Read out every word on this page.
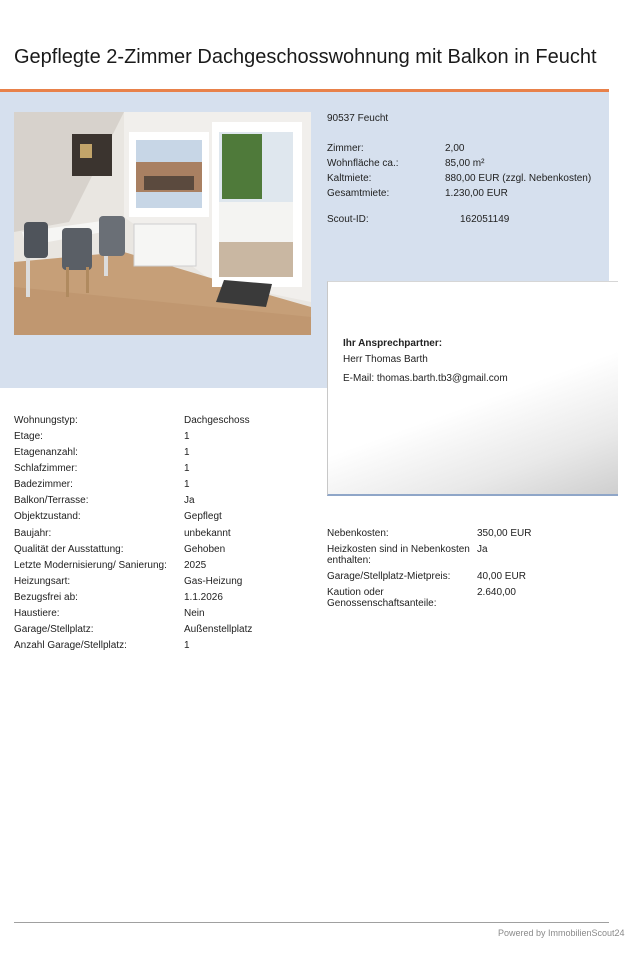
Gepflegte 2-Zimmer Dachgeschosswohnung mit Balkon in Feucht
90537 Feucht
Zimmer:	2,00
Wohnfläche ca.:	85,00 m²
Kaltmiete:	880,00 EUR (zzgl. Nebenkosten)
Gesamtmiete:	1.230,00 EUR
Scout-ID:	162051149
Ihr Ansprechpartner:
Herr Thomas Barth
E-Mail: thomas.barth.tb3@gmail.com
Wohnungstyp:	Dachgeschoss
Etage:	1
Etagenanzahl:	1
Schlafzimmer:	1
Badezimmer:	1
Balkon/Terrasse:	Ja
Objektzustand:	Gepflegt
Baujahr:	unbekannt
Qualität der Ausstattung:	Gehoben
Letzte Modernisierung/ Sanierung: 2025
Heizungsart:	Gas-Heizung
Bezugsfrei ab:	1.1.2026
Haustiere:	Nein
Garage/Stellplatz:	Außenstellplatz
Anzahl Garage/Stellplatz:	1
Nebenkosten:	350,00 EUR
Heizkosten sind in Nebenkosten
enthalten:
Ja
Garage/Stellplatz-Mietpreis:	40,00 EUR
Kaution oder
Genossenschaftsanteile:
2.640,00
Powered by ImmobilienScout24
